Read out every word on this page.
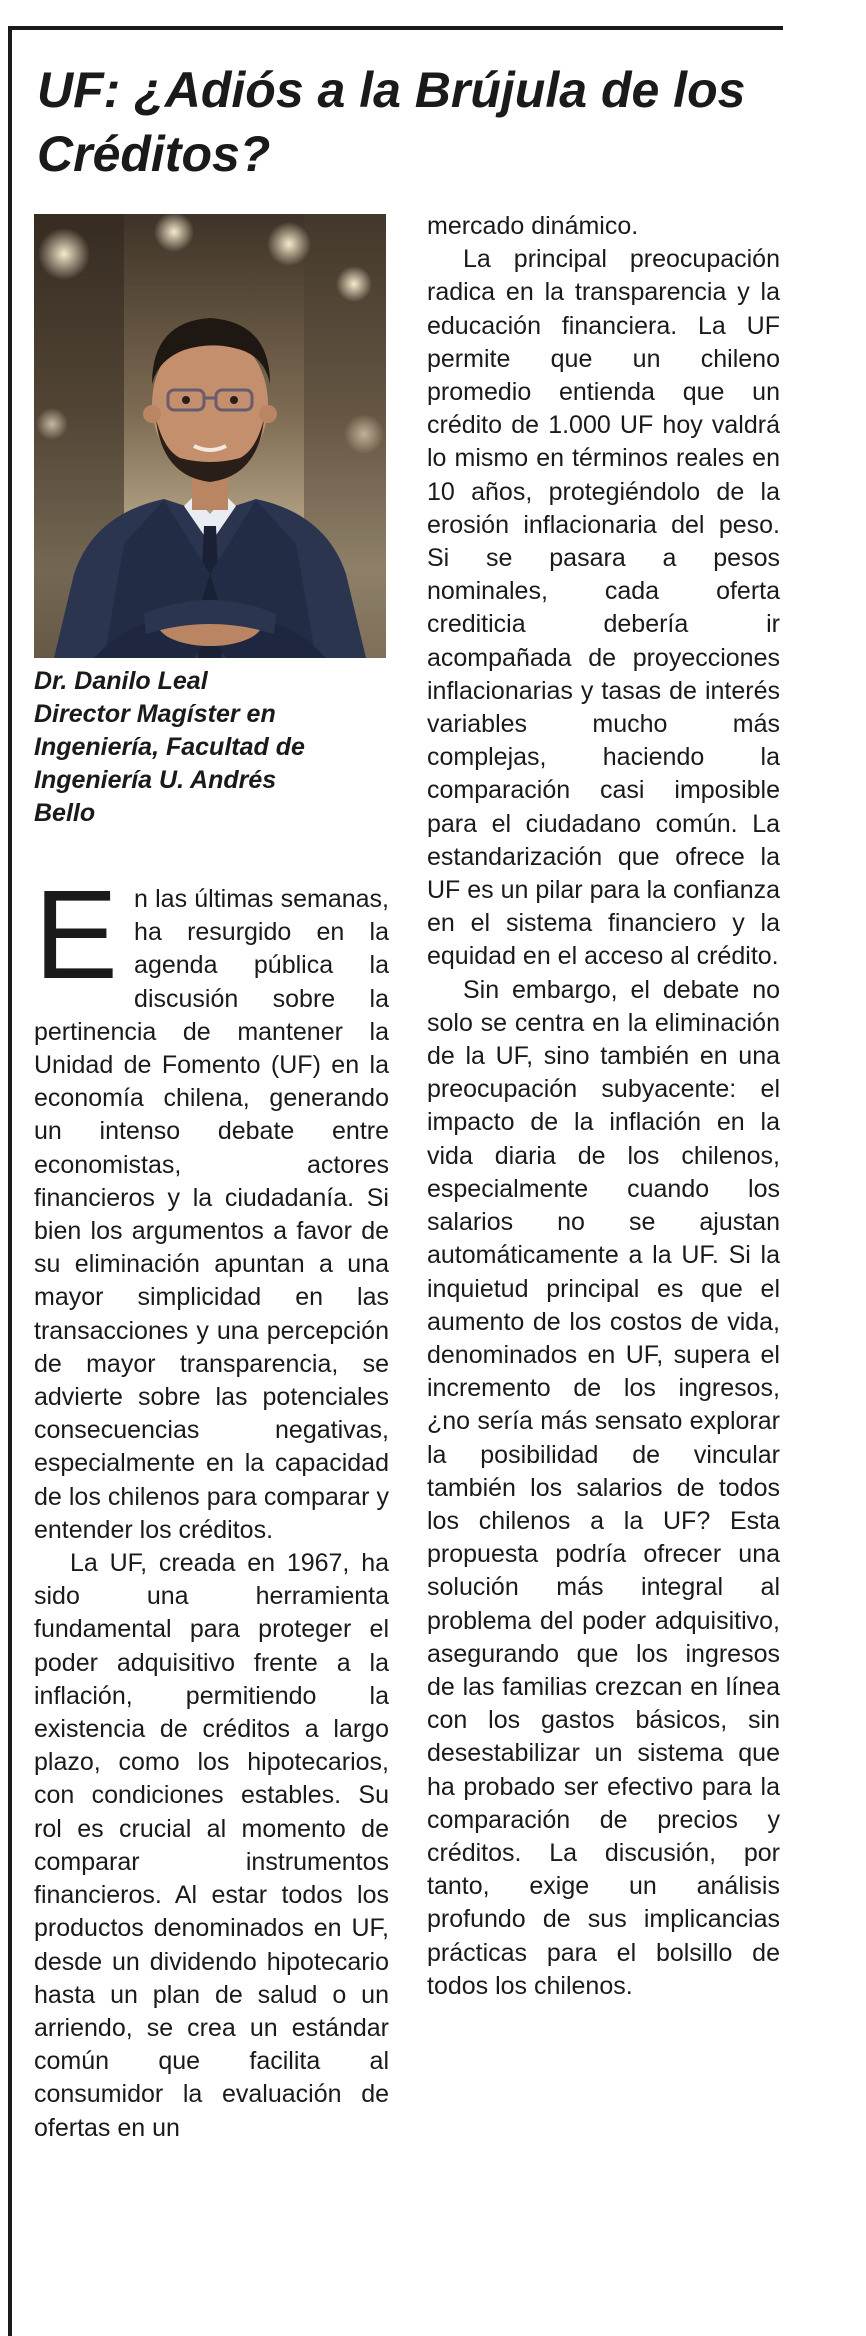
UF: ¿Adiós a la Brújula de los Créditos?
Dr. Danilo Leal
Director Magíster en
Ingeniería, Facultad de
Ingeniería U. Andrés
Bello

En las últimas semanas, ha resurgido en la agenda pública la discusión sobre la pertinencia de mantener la Unidad de Fomento (UF) en la economía chilena, generando un intenso debate entre economistas, actores financieros y la ciudadanía. Si bien los argumentos a favor de su eliminación apuntan a una mayor simplicidad en las transacciones y una percepción de mayor transparencia, se advierte sobre las potenciales consecuencias negativas, especialmente en la capacidad de los chilenos para comparar y entender los créditos.

La UF, creada en 1967, ha sido una herramienta fundamental para proteger el poder adquisitivo frente a la inflación, permitiendo la existencia de créditos a largo plazo, como los hipotecarios, con condiciones estables. Su rol es crucial al momento de comparar instrumentos financieros. Al estar todos los productos denominados en UF, desde un dividendo hipotecario hasta un plan de salud o un arriendo, se crea un estándar común que facilita al consumidor la evaluación de ofertas en un

mercado dinámico.

La principal preocupación radica en la transparencia y la educación financiera. La UF permite que un chileno promedio entienda que un crédito de 1.000 UF hoy valdrá lo mismo en términos reales en 10 años, protegiéndolo de la erosión inflacionaria del peso. Si se pasara a pesos nominales, cada oferta crediticia debería ir acompañada de proyecciones inflacionarias y tasas de interés variables mucho más complejas, haciendo la comparación casi imposible para el ciudadano común. La estandarización que ofrece la UF es un pilar para la confianza en el sistema financiero y la equidad en el acceso al crédito.

Sin embargo, el debate no solo se centra en la eliminación de la UF, sino también en una preocupación subyacente: el impacto de la inflación en la vida diaria de los chilenos, especialmente cuando los salarios no se ajustan automáticamente a la UF. Si la inquietud principal es que el aumento de los costos de vida, denominados en UF, supera el incremento de los ingresos, ¿no sería más sensato explorar la posibilidad de vincular también los salarios de todos los chilenos a la UF? Esta propuesta podría ofrecer una solución más integral al problema del poder adquisitivo, asegurando que los ingresos de las familias crezcan en línea con los gastos básicos, sin desestabilizar un sistema que ha probado ser efectivo para la comparación de precios y créditos. La discusión, por tanto, exige un análisis profundo de sus implicancias prácticas para el bolsillo de todos los chilenos.
